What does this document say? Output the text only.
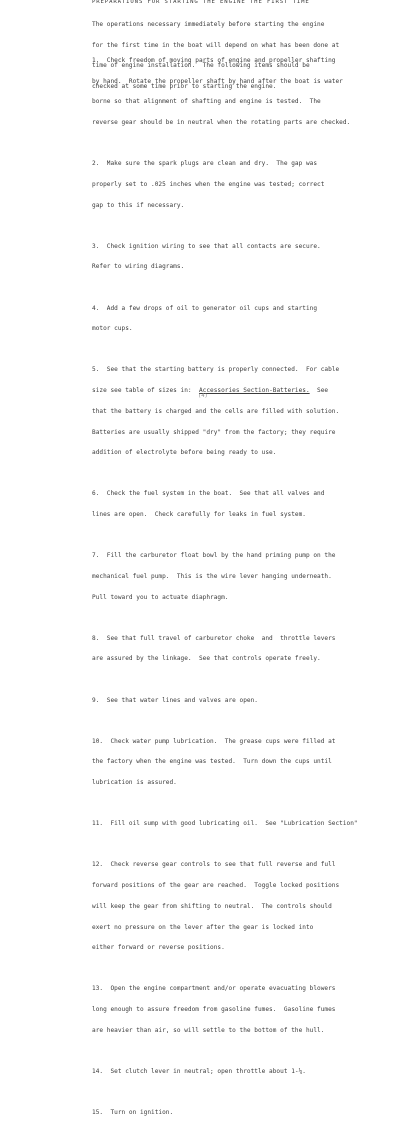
PREPARATIONS FOR STARTING THE ENGINE THE FIRST TIME

The operations necessary immediately before starting the engine

for the first time in the boat will depend on what has been done at

time of engine installation.  The following items should be

checked at some time prior to starting the engine.

1.  Check freedom of moving parts of engine and propeller shafting

by hand.  Rotate the propeller shaft by hand after the boat is water

borne so that alignment of shafting and engine is tested.  The

reverse gear should be in neutral when the rotating parts are checked.

2.  Make sure the spark plugs are clean and dry.  The gap was

properly set to .025 inches when the engine was tested; correct

gap to this if necessary.

3.  Check ignition wiring to see that all contacts are secure.

Refer to wiring diagrams.

4.  Add a few drops of oil to generator oil cups and starting

motor cups.

5.  See that the starting battery is properly connected.  For cable

size see table of sizes in:  Accessories Section-Batteries.  See

that the battery is charged and the cells are filled with solution.

Batteries are usually shipped "dry" from the factory; they require

addition of electrolyte before being ready to use.

6.  Check the fuel system in the boat.  See that all valves and

lines are open.  Check carefully for leaks in fuel system.

7.  Fill the carburetor float bowl by the hand priming pump on the

mechanical fuel pump.  This is the wire lever hanging underneath.

Pull toward you to actuate diaphragm.

8.  See that full travel of carburetor choke  and  throttle levers

are assured by the linkage.  See that controls operate freely.

9.  See that water lines and valves are open.

10.  Check water pump lubrication.  The grease cups were filled at

the factory when the engine was tested.  Turn down the cups until

lubrication is assured.

11.  Fill oil sump with good lubricating oil.  See "Lubrication Section"

12.  Check reverse gear controls to see that full reverse and full

forward positions of the gear are reached.  Toggle locked positions

will keep the gear from shifting to neutral.  The controls should

exert no pressure on the lever after the gear is locked into

either forward or reverse positions.

13.  Open the engine compartment and/or operate evacuating blowers

long enough to assure freedom from gasoline fumes.  Gasoline fumes

are heavier than air, so will settle to the bottom of the hull.

14.  Set clutch lever in neutral; open throttle about 1-¼.

15.  Turn on ignition.

(4)
